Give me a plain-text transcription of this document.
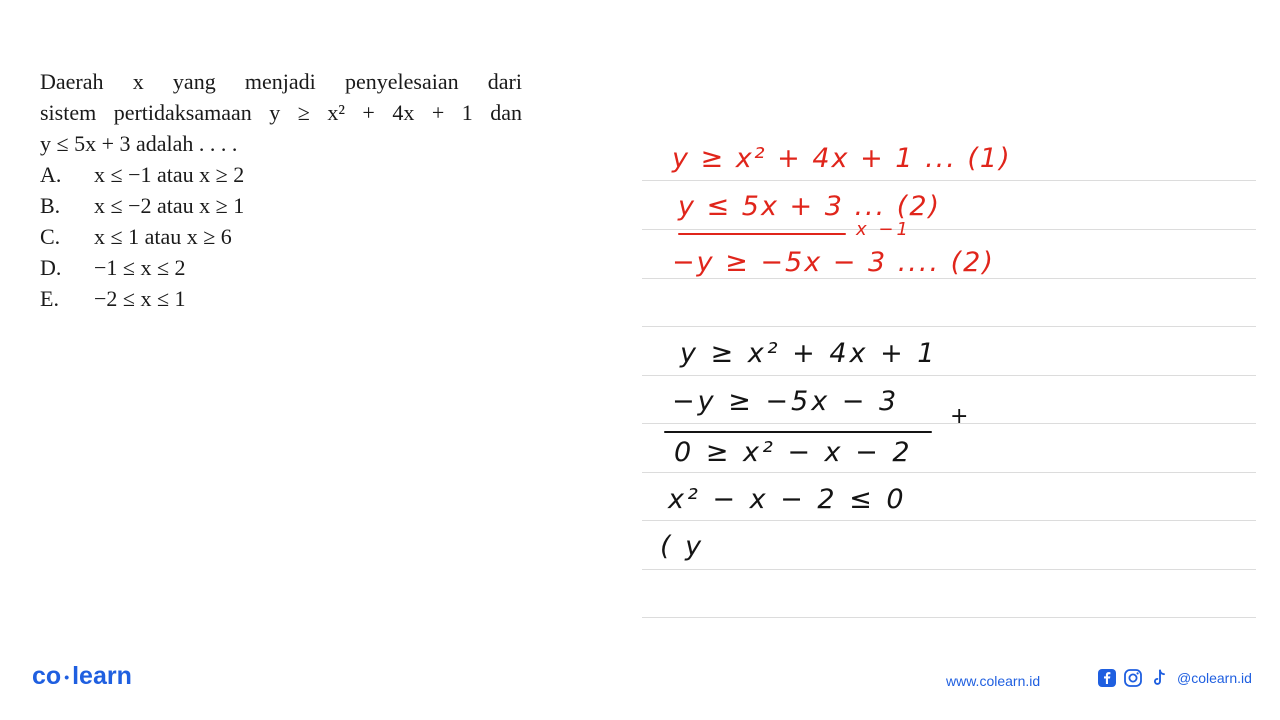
Daerah x yang menjadi penyelesaian dari
sistem pertidaksamaan y ≥ x² + 4x + 1 dan
y ≤ 5x + 3 adalah . . . .
A.	x ≤ −1 atau x ≥ 2
B.	x ≤ −2 atau x ≥ 1
C.	x ≤ 1 atau x ≥ 6
D.	−1 ≤ x ≤ 2
E.	−2 ≤ x ≤ 1
y ≥ x² + 4x + 1 ... (1)
y ≤ 5x + 3 ... (2)
x −1
−y ≥ −5x − 3 .... (2)
y ≥ x² + 4x + 1
−y ≥ −5x − 3 +
0 ≥ x² − x − 2
x² − x − 2 ≤ 0
( y
co • learn	www.colearn.id	@colearn.id
